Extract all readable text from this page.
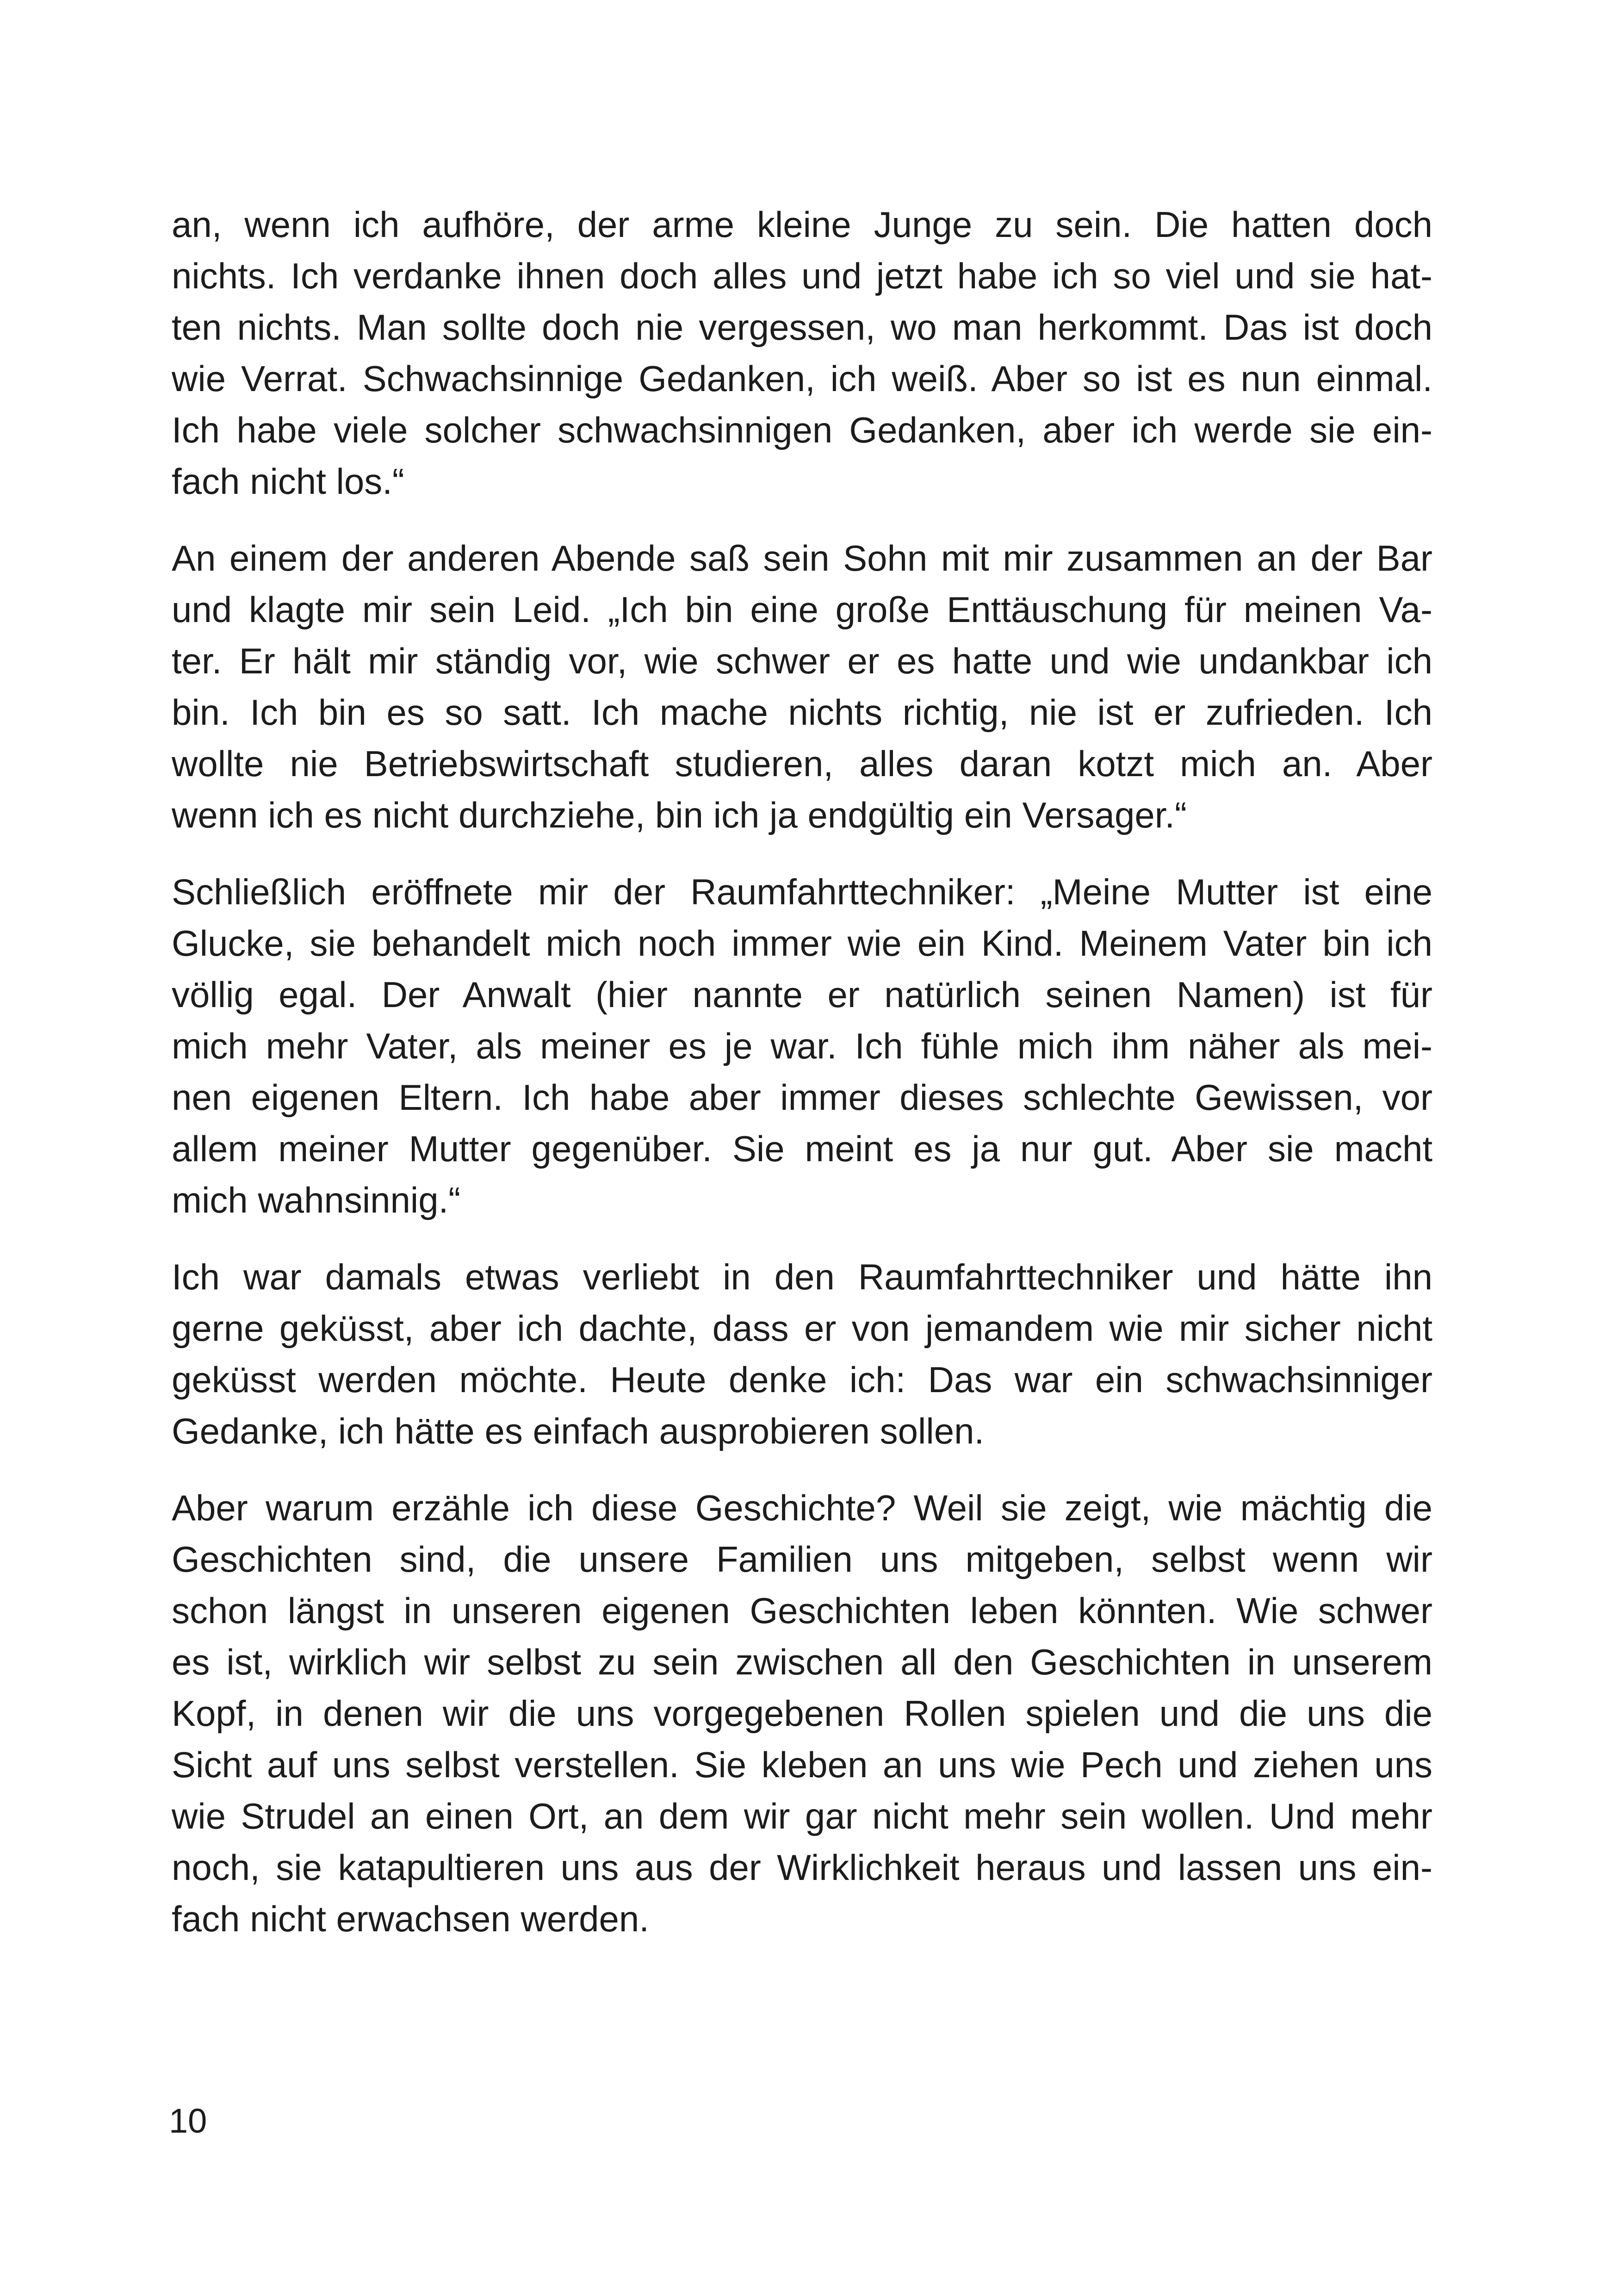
an, wenn ich aufhöre, der arme kleine Junge zu sein. Die hatten doch
nichts. Ich verdanke ihnen doch alles und jetzt habe ich so viel und sie hat-
ten nichts. Man sollte doch nie vergessen, wo man herkommt. Das ist doch
wie Verrat. Schwachsinnige Gedanken, ich weiß. Aber so ist es nun einmal.
Ich habe viele solcher schwachsinnigen Gedanken, aber ich werde sie ein-
fach nicht los.“
An einem der anderen Abende saß sein Sohn mit mir zusammen an der Bar
und klagte mir sein Leid. „Ich bin eine große Enttäuschung für meinen Va-
ter. Er hält mir ständig vor, wie schwer er es hatte und wie undankbar ich
bin. Ich bin es so satt. Ich mache nichts richtig, nie ist er zufrieden. Ich
wollte nie Betriebswirtschaft studieren, alles daran kotzt mich an. Aber
wenn ich es nicht durchziehe, bin ich ja endgültig ein Versager.“
Schließlich eröffnete mir der Raumfahrttechniker: „Meine Mutter ist eine
Glucke, sie behandelt mich noch immer wie ein Kind. Meinem Vater bin ich
völlig egal. Der Anwalt (hier nannte er natürlich seinen Namen) ist für
mich mehr Vater, als meiner es je war. Ich fühle mich ihm näher als mei-
nen eigenen Eltern. Ich habe aber immer dieses schlechte Gewissen, vor
allem meiner Mutter gegenüber. Sie meint es ja nur gut. Aber sie macht
mich wahnsinnig.“
Ich war damals etwas verliebt in den Raumfahrttechniker und hätte ihn
gerne geküsst, aber ich dachte, dass er von jemandem wie mir sicher nicht
geküsst werden möchte. Heute denke ich: Das war ein schwachsinniger
Gedanke, ich hätte es einfach ausprobieren sollen.
Aber warum erzähle ich diese Geschichte? Weil sie zeigt, wie mächtig die
Geschichten sind, die unsere Familien uns mitgeben, selbst wenn wir
schon längst in unseren eigenen Geschichten leben könnten. Wie schwer
es ist, wirklich wir selbst zu sein zwischen all den Geschichten in unserem
Kopf, in denen wir die uns vorgegebenen Rollen spielen und die uns die
Sicht auf uns selbst verstellen. Sie kleben an uns wie Pech und ziehen uns
wie Strudel an einen Ort, an dem wir gar nicht mehr sein wollen. Und mehr
noch, sie katapultieren uns aus der Wirklichkeit heraus und lassen uns ein-
fach nicht erwachsen werden.
10
